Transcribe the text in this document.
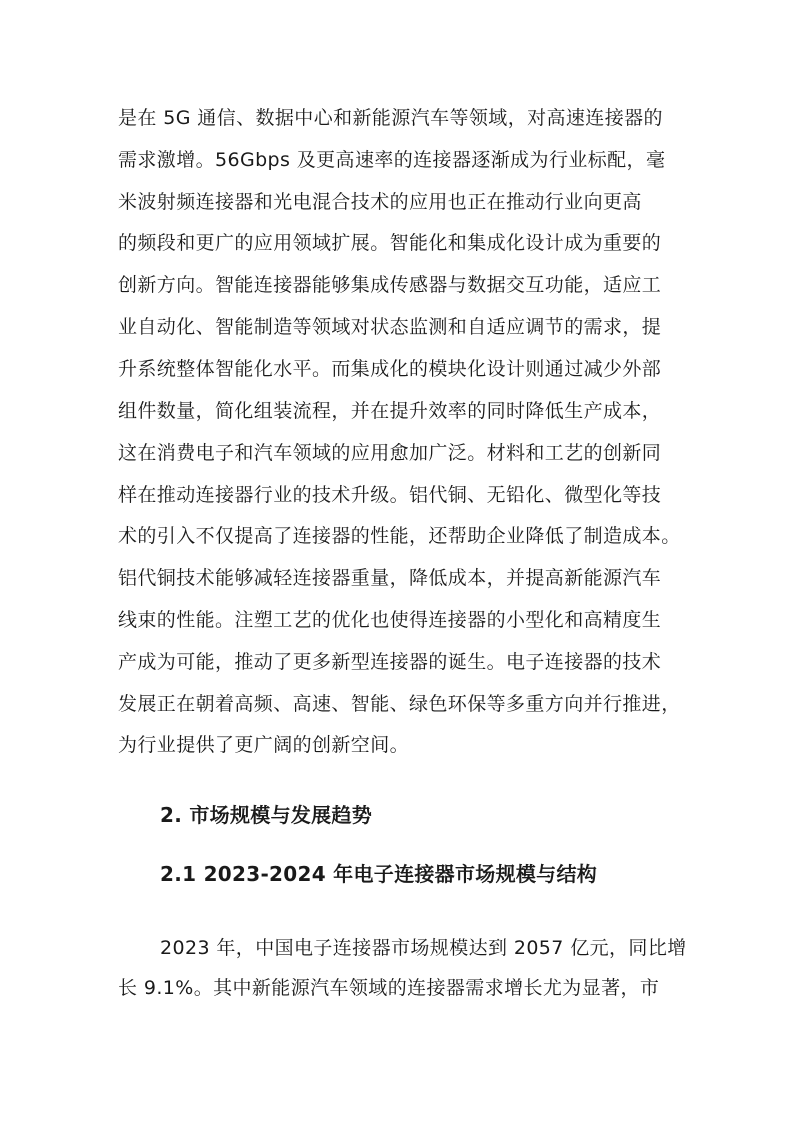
是在 5G 通信、数据中心和新能源汽车等领域，对高速连接器的
需求激增。56Gbps 及更高速率的连接器逐渐成为行业标配，毫
米波射频连接器和光电混合技术的应用也正在推动行业向更高
的频段和更广的应用领域扩展。智能化和集成化设计成为重要的
创新方向。智能连接器能够集成传感器与数据交互功能，适应工
业自动化、智能制造等领域对状态监测和自适应调节的需求，提
升系统整体智能化水平。而集成化的模块化设计则通过减少外部
组件数量，简化组装流程，并在提升效率的同时降低生产成本，
这在消费电子和汽车领域的应用愈加广泛。材料和工艺的创新同
样在推动连接器行业的技术升级。铝代铜、无铅化、微型化等技
术的引入不仅提高了连接器的性能，还帮助企业降低了制造成本。
铝代铜技术能够减轻连接器重量，降低成本，并提高新能源汽车
线束的性能。注塑工艺的优化也使得连接器的小型化和高精度生
产成为可能，推动了更多新型连接器的诞生。电子连接器的技术
发展正在朝着高频、高速、智能、绿色环保等多重方向并行推进，
为行业提供了更广阔的创新空间。
2. 市场规模与发展趋势
2.1 2023-2024 年电子连接器市场规模与结构
2023 年，中国电子连接器市场规模达到 2057 亿元，同比增
长 9.1%。其中新能源汽车领域的连接器需求增长尤为显著，市
